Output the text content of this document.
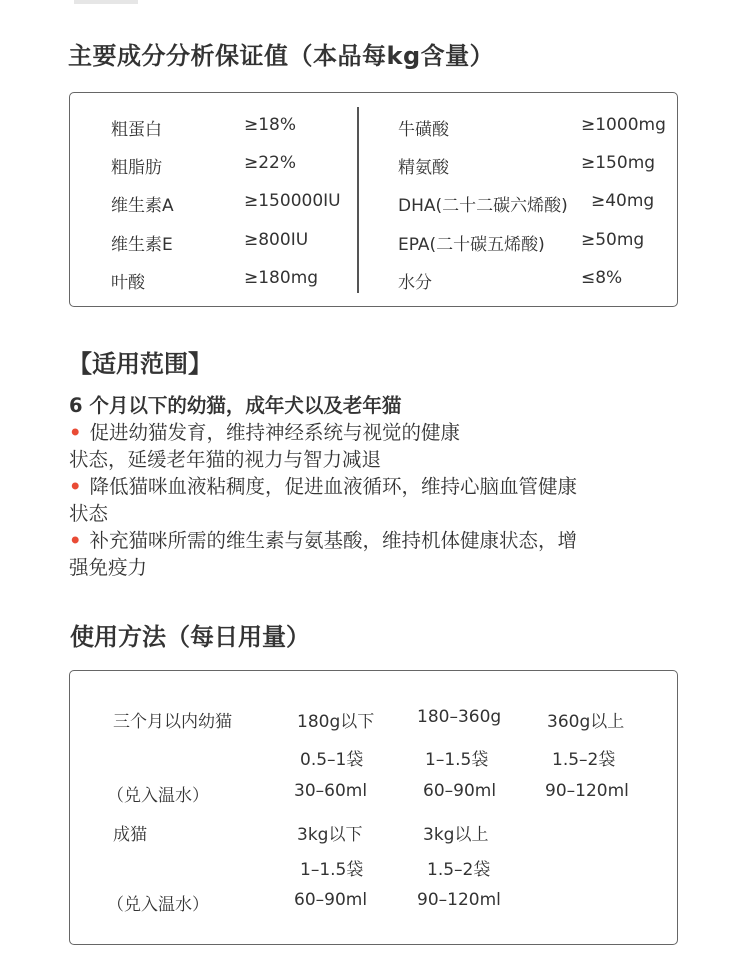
主要成分分析保证值（本品每kg含量）
粗蛋白	≥18%
粗脂肪	≥22%
维生素A	≥150000IU
维生素E	≥800IU
叶酸	≥180mg
牛磺酸	≥1000mg
精氨酸	≥150mg
DHA(二十二碳六烯酸)	≥40mg
EPA(二十碳五烯酸) ≥50mg
水分	≤8%
【适用范围】
6 个月以下的幼猫，成年犬以及老年猫
• 促进幼猫发育，维持神经系统与视觉的健康
状态，延缓老年猫的视力与智力减退
• 降低猫咪血液粘稠度，促进血液循环，维持心脑血管健康
状态
• 补充猫咪所需的维生素与氨基酸，维持机体健康状态，增
强免疫力
使用方法（每日用量）
三个月以内幼猫	180g以下	180–360g	360g以上
0.5–1袋	1–1.5袋	1.5–2袋
（兑入温水）	30–60ml	60–90ml	90–120ml
成猫	3kg以下	3kg以上
1–1.5袋	1.5–2袋
（兑入温水）	60–90ml	90–120ml
